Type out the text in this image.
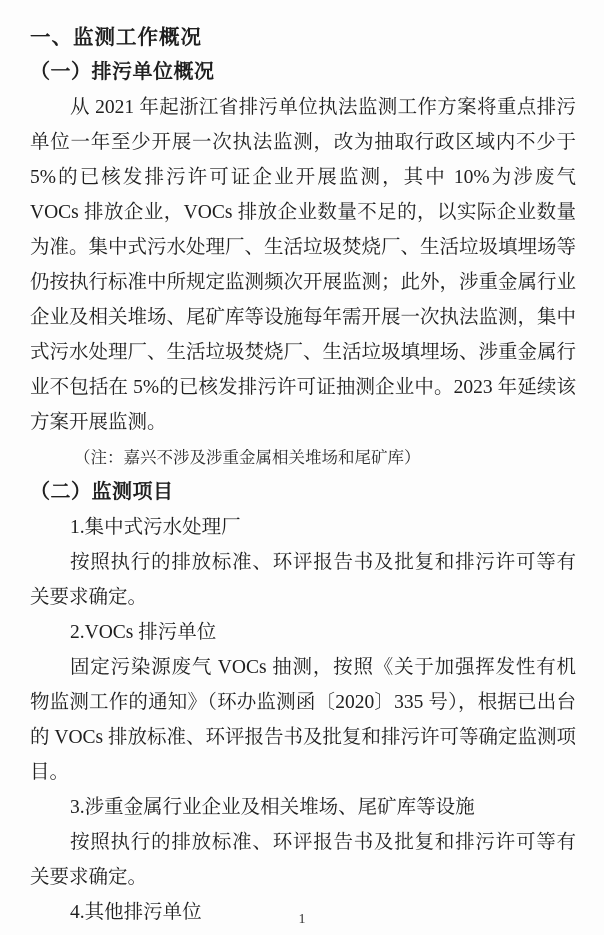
一、监测工作概况
（一）排污单位概况
从 2021 年起浙江省排污单位执法监测工作方案将重点排污单位一年至少开展一次执法监测，改为抽取行政区域内不少于 5%的已核发排污许可证企业开展监测，其中 10%为涉废气 VOCs 排放企业，VOCs 排放企业数量不足的，以实际企业数量为准。集中式污水处理厂、生活垃圾焚烧厂、生活垃圾填埋场等仍按执行标准中所规定监测频次开展监测；此外，涉重金属行业企业及相关堆场、尾矿库等设施每年需开展一次执法监测，集中式污水处理厂、生活垃圾焚烧厂、生活垃圾填埋场、涉重金属行业不包括在 5%的已核发排污许可证抽测企业中。2023 年延续该方案开展监测。
（注：嘉兴不涉及涉重金属相关堆场和尾矿库）
（二）监测项目
1.集中式污水处理厂
按照执行的排放标准、环评报告书及批复和排污许可等有关要求确定。
2.VOCs 排污单位
固定污染源废气 VOCs 抽测，按照《关于加强挥发性有机物监测工作的通知》（环办监测函〔2020〕335 号），根据已出台的 VOCs 排放标准、环评报告书及批复和排污许可等确定监测项目。
3.涉重金属行业企业及相关堆场、尾矿库等设施
按照执行的排放标准、环评报告书及批复和排污许可等有关要求确定。
4.其他排污单位	1
